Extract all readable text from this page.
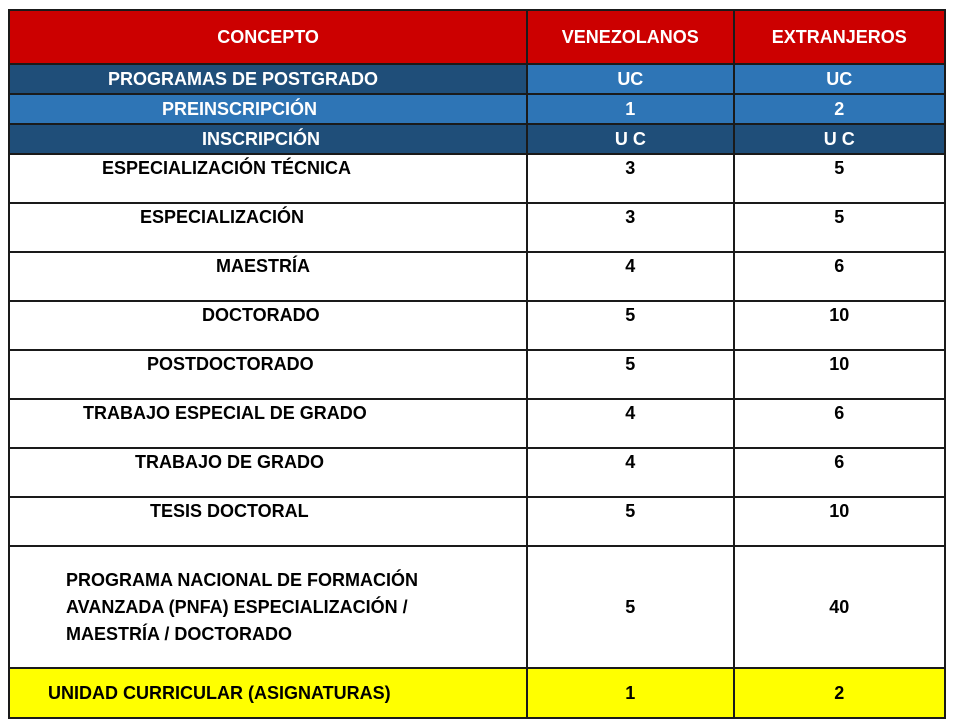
CONCEPTO	VENEZOLANOS	EXTRANJEROS
PROGRAMAS DE POSTGRADO	UC	UC
PREINSCRIPCIÓN	1	2
INSCRIPCIÓN	U C	U C
ESPECIALIZACIÓN TÉCNICA	3	5
ESPECIALIZACIÓN	3	5
MAESTRÍA	4	6
DOCTORADO	5	10
POSTDOCTORADO	5	10
TRABAJO ESPECIAL DE GRADO	4	6
TRABAJO DE GRADO	4	6
TESIS DOCTORAL	5	10

PROGRAMA NACIONAL DE FORMACIÓN
AVANZADA (PNFA) ESPECIALIZACIÓN /
MAESTRÍA / DOCTORADO	5	40
UNIDAD CURRICULAR (ASIGNATURAS)	1	2
